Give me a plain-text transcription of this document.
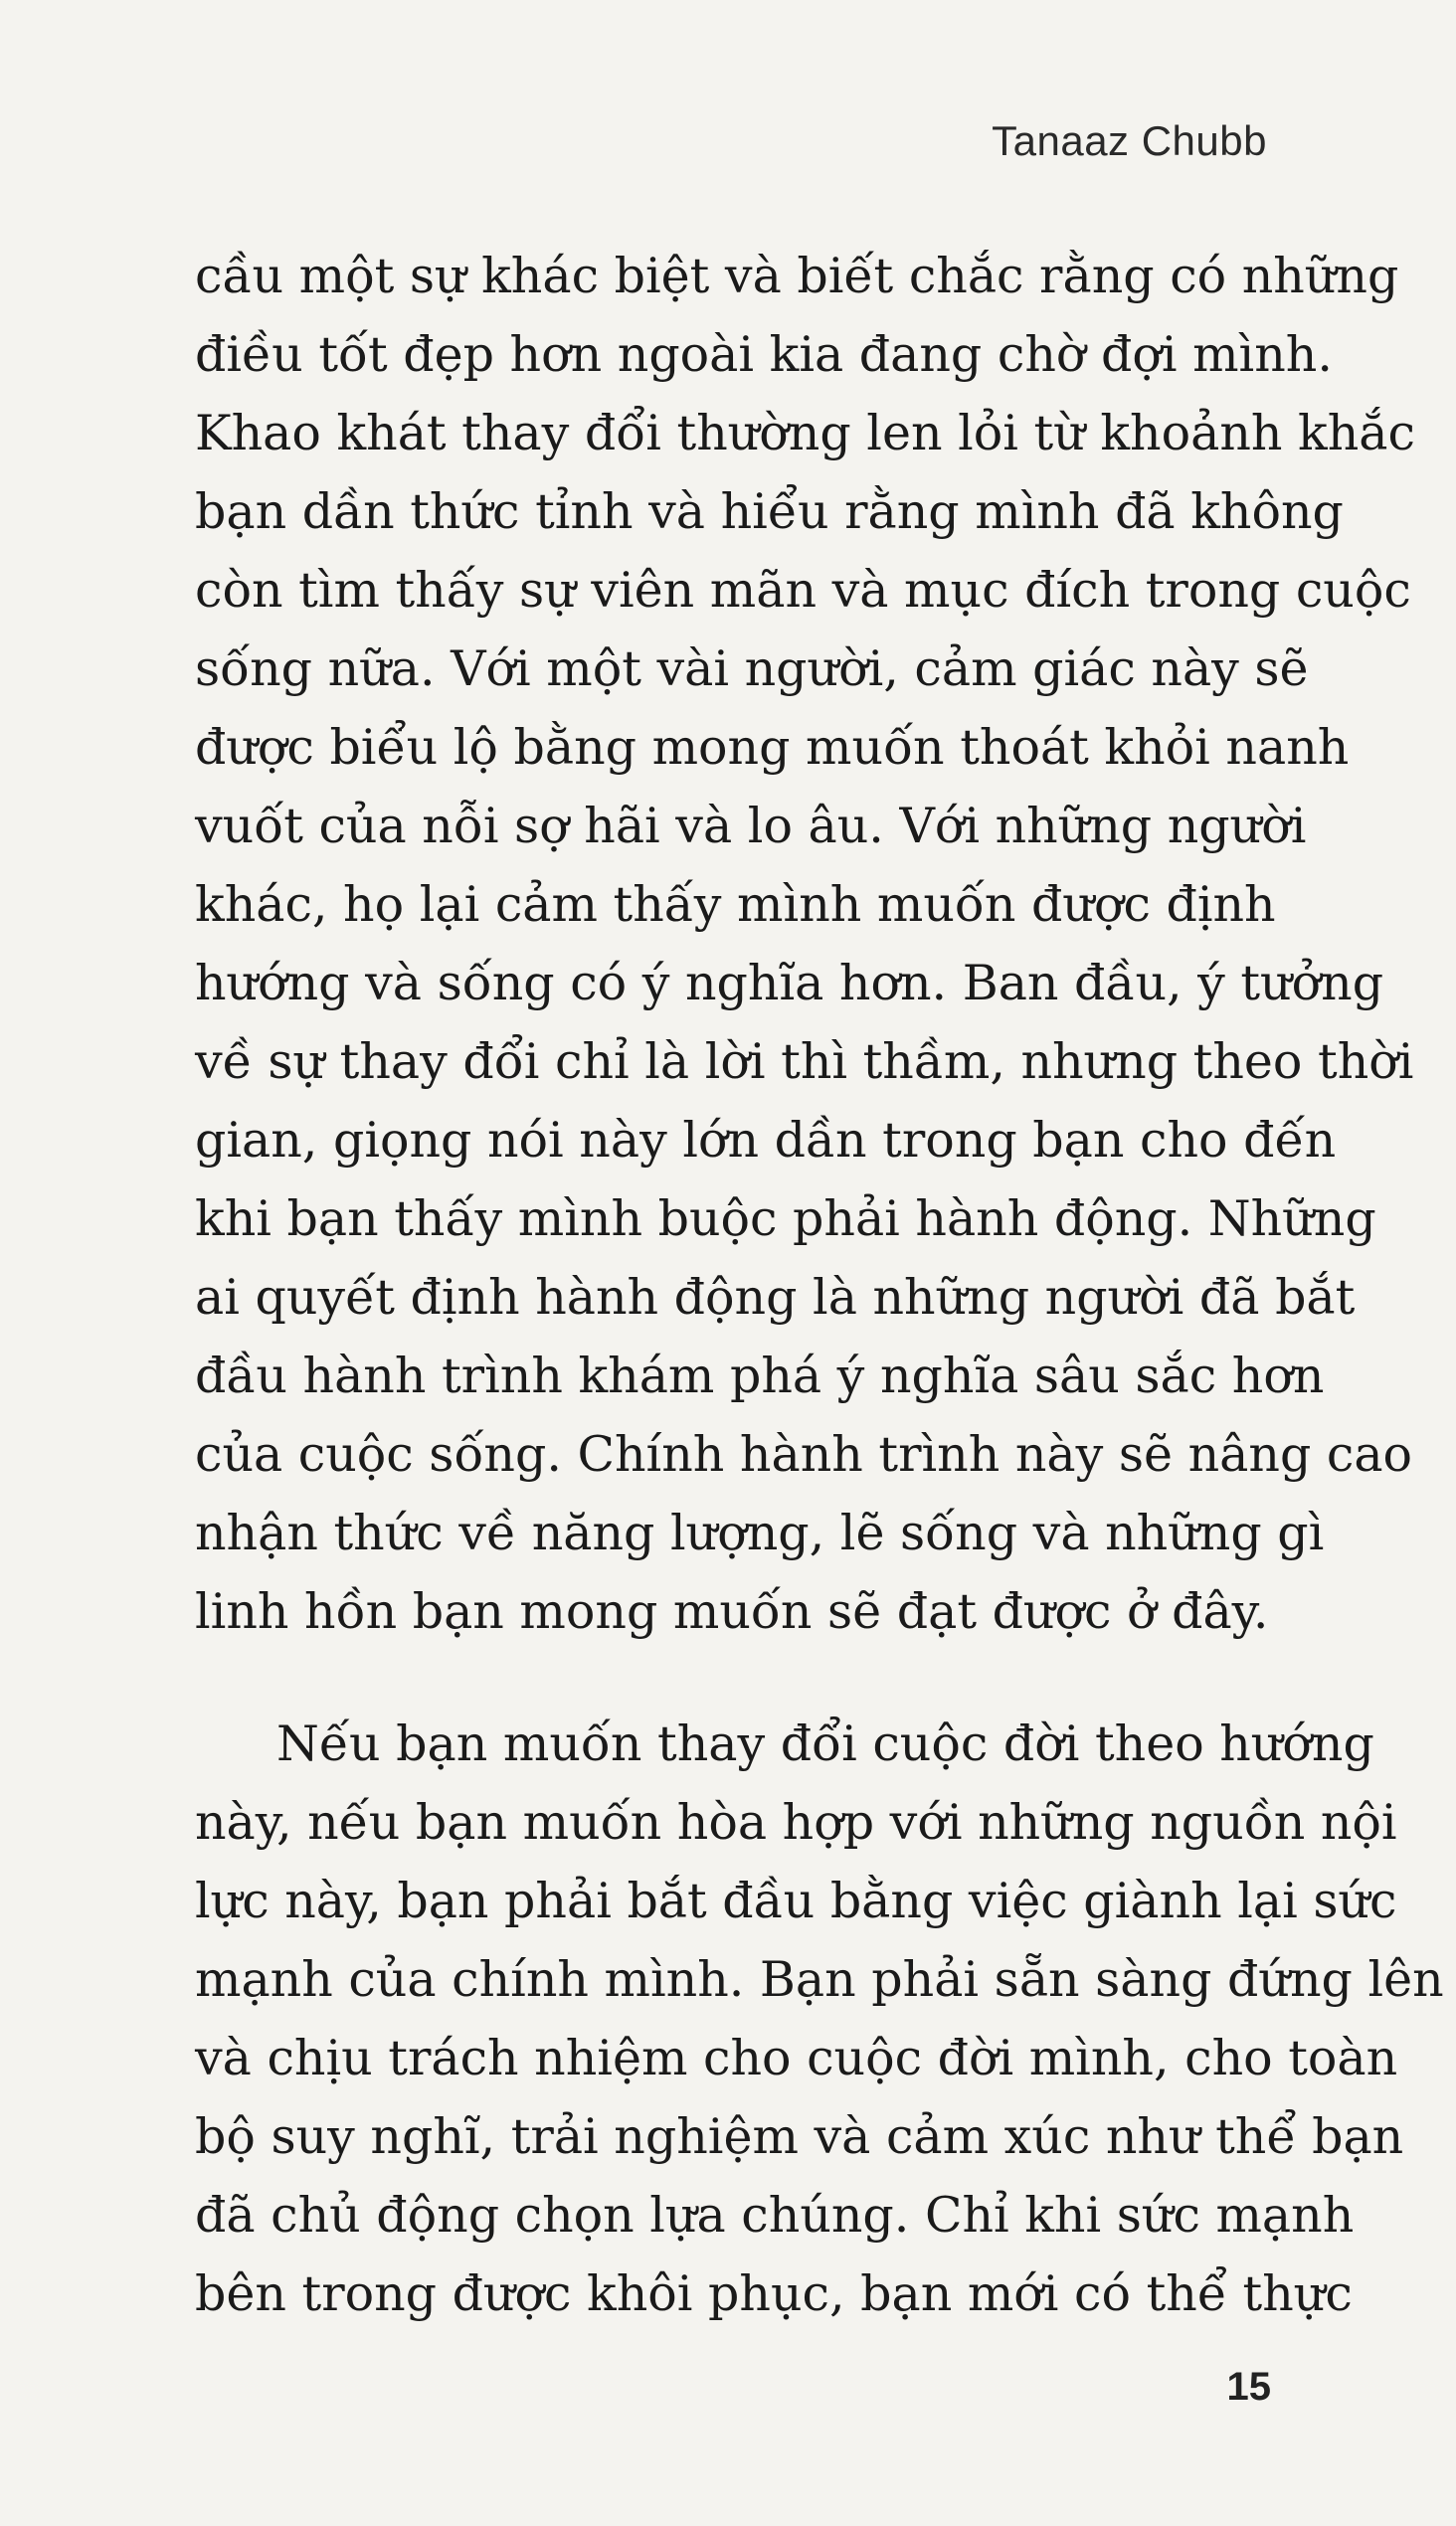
Tanaaz Chubb
cầu một sự khác biệt và biết chắc rằng có những
điều tốt đẹp hơn ngoài kia đang chờ đợi mình.
Khao khát thay đổi thường len lỏi từ khoảnh khắc
bạn dần thức tỉnh và hiểu rằng mình đã không
còn tìm thấy sự viên mãn và mục đích trong cuộc
sống nữa. Với một vài người, cảm giác này sẽ
được biểu lộ bằng mong muốn thoát khỏi nanh
vuốt của nỗi sợ hãi và lo âu. Với những người
khác, họ lại cảm thấy mình muốn được định
hướng và sống có ý nghĩa hơn. Ban đầu, ý tưởng
về sự thay đổi chỉ là lời thì thầm, nhưng theo thời
gian, giọng nói này lớn dần trong bạn cho đến
khi bạn thấy mình buộc phải hành động. Những
ai quyết định hành động là những người đã bắt
đầu hành trình khám phá ý nghĩa sâu sắc hơn
của cuộc sống. Chính hành trình này sẽ nâng cao
nhận thức về năng lượng, lẽ sống và những gì
linh hồn bạn mong muốn sẽ đạt được ở đây.
Nếu bạn muốn thay đổi cuộc đời theo hướng
này, nếu bạn muốn hòa hợp với những nguồn nội
lực này, bạn phải bắt đầu bằng việc giành lại sức
mạnh của chính mình. Bạn phải sẵn sàng đứng lên
và chịu trách nhiệm cho cuộc đời mình, cho toàn
bộ suy nghĩ, trải nghiệm và cảm xúc như thể bạn
đã chủ động chọn lựa chúng. Chỉ khi sức mạnh
bên trong được khôi phục, bạn mới có thể thực
15
